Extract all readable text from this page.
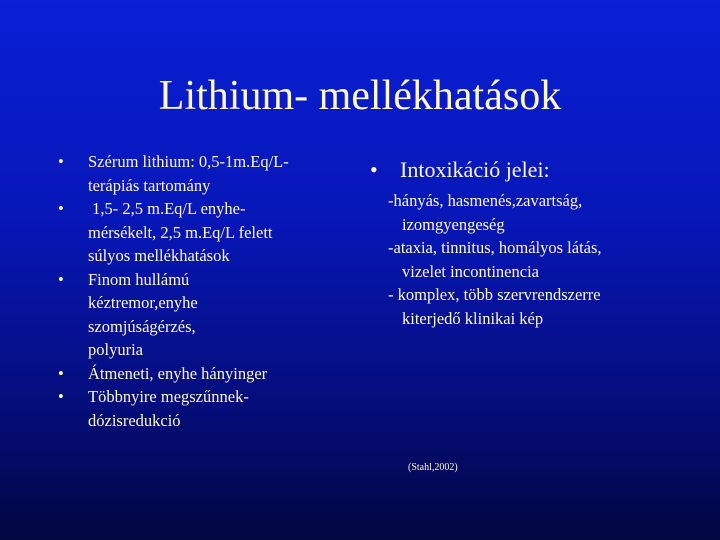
Lithium- mellékhatások
• Szérum lithium: 0,5-1m.Eq/L-
terápiás tartomány
• 1,5- 2,5 m.Eq/L enyhe-
mérsékelt, 2,5 m.Eq/L felett
súlyos mellékhatások
• Finom hullámú
kéztremor,enyhe
szomjúságérzés,
polyuria
• Átmeneti, enyhe hányinger
• Többnyire megszűnnek-
dózisredukció
• Intoxikáció jelei:
-hányás, hasmenés,zavartság,
izomgyengeség
-ataxia, tinnitus, homályos látás,
vizelet incontinencia
- komplex, több szervrendszerre
kiterjedő klinikai kép
(Stahl,2002)
